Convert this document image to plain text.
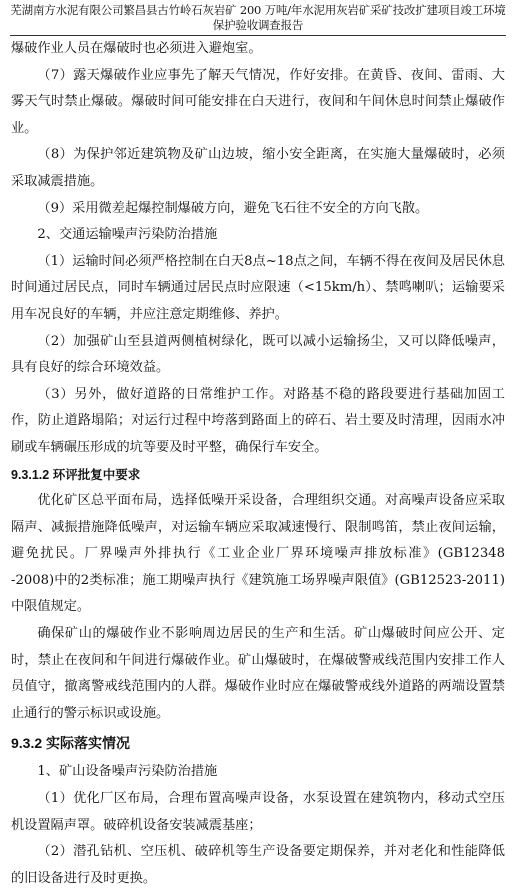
芜湖南方水泥有限公司繁昌县古竹岭石灰岩矿 200 万吨/年水泥用灰岩矿采矿技改扩建项目竣工环境
保护验收调查报告

爆破作业人员在爆破时也必须进入避炮室。

（7）露天爆破作业应事先了解天气情况，作好安排。在黄昏、夜间、雷雨、大雾天气时禁止爆破。爆破时间可能安排在白天进行，夜间和午间休息时间禁止爆破作业。

（8）为保护邻近建筑物及矿山边坡，缩小安全距离，在实施大量爆破时，必须采取减震措施。

（9）采用微差起爆控制爆破方向，避免飞石往不安全的方向飞散。

2、交通运输噪声污染防治措施

（1）运输时间必须严格控制在白天8点~18点之间，车辆不得在夜间及居民休息时间通过居民点，同时车辆通过居民点时应限速（<15km/h）、禁鸣喇叭；运输要采用车况良好的车辆，并应注意定期维修、养护。

（2）加强矿山至县道两侧植树绿化，既可以减小运输扬尘，又可以降低噪声，具有良好的综合环境效益。

（3）另外，做好道路的日常维护工作。对路基不稳的路段要进行基础加固工作，防止道路塌陷；对运行过程中垮落到路面上的碎石、岩土要及时清理，因雨水冲刷或车辆碾压形成的坑等要及时平整，确保行车安全。

9.3.1.2 环评批复中要求

优化矿区总平面布局，选择低噪开采设备，合理组织交通。对高噪声设备应采取隔声、减振措施降低噪声，对运输车辆应采取减速慢行、限制鸣笛，禁止夜间运输，避免扰民。厂界噪声外排执行《工业企业厂界环境噪声排放标准》(GB12348 -2008)中的2类标准；施工期噪声执行《建筑施工场界噪声限值》(GB12523-2011)中限值规定。

确保矿山的爆破作业不影响周边居民的生产和生活。矿山爆破时间应公开、定时，禁止在夜间和午间进行爆破作业。矿山爆破时，在爆破警戒线范围内安排工作人员值守，撤离警戒线范围内的人群。爆破作业时应在爆破警戒线外道路的两端设置禁止通行的警示标识或设施。

9.3.2 实际落实情况

1、矿山设备噪声污染防治措施

（1）优化厂区布局，合理布置高噪声设备，水泵设置在建筑物内，移动式空压机设置隔声罩。破碎机设备安装减震基座；

（2）潜孔钻机、空压机、破碎机等生产设备要定期保养，并对老化和性能降低的旧设备进行及时更换。
